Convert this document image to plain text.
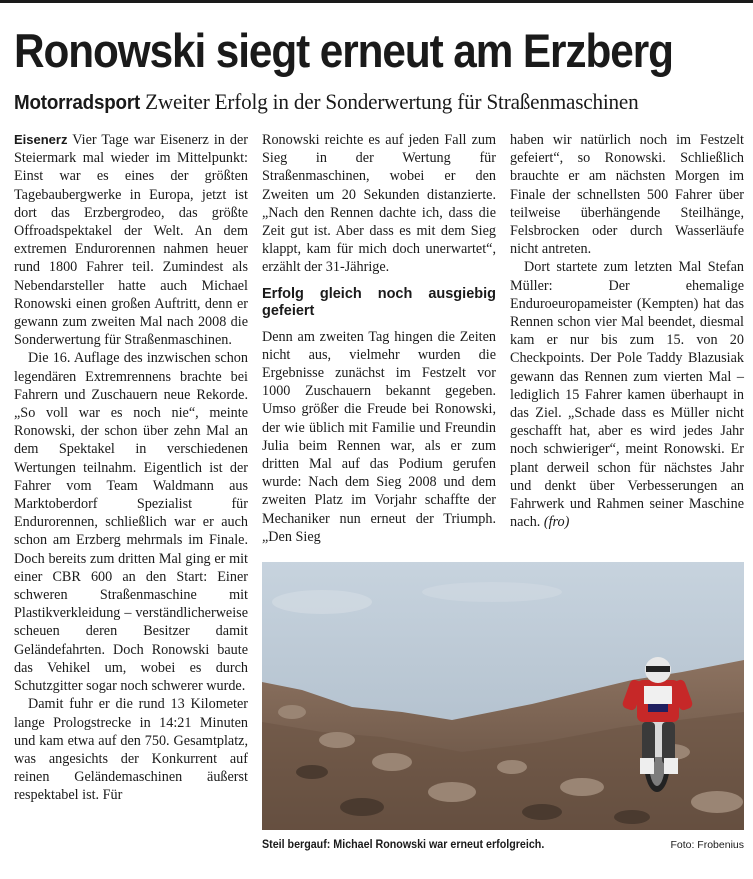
Ronowski siegt erneut am Erzberg
Motorradsport Zweiter Erfolg in der Sonderwertung für Straßenmaschinen

Eisenerz Vier Tage war Eisenerz in der Steiermark mal wieder im Mittelpunkt: Einst war es eines der größten Tagebaubergwerke in Europa, jetzt ist dort das Erzbergrodeo, das größte Offroadspektakel der Welt. An dem extremen Endurorennen nahmen heuer rund 1800 Fahrer teil. Zumindest als Nebendarsteller hatte auch Michael Ronowski einen großen Auftritt, denn er gewann zum zweiten Mal nach 2008 die Sonderwertung für Straßenmaschinen.

Die 16. Auflage des inzwischen schon legendären Extremrennens brachte bei Fahrern und Zuschauern neue Rekorde. „So voll war es noch nie“, meinte Ronowski, der schon über zehn Mal an dem Spektakel in verschiedenen Wertungen teilnahm. Eigentlich ist der Fahrer vom Team Waldmann aus Marktoberdorf Spezialist für Endurorennen, schließlich war er auch schon am Erzberg mehrmals im Finale. Doch bereits zum dritten Mal ging er mit einer CBR 600 an den Start: Einer schweren Straßenmaschine mit Plastikverkleidung – verständlicherweise scheuen deren Besitzer damit Geländefahrten. Doch Ronowski baute das Vehikel um, wobei es durch Schutzgitter sogar noch schwerer wurde.

Damit fuhr er die rund 13 Kilometer lange Prologstrecke in 14:21 Minuten und kam etwa auf den 750. Gesamtplatz, was angesichts der Konkurrent auf reinen Geländemaschinen äußerst respektabel ist. Für

Ronowski reichte es auf jeden Fall zum Sieg in der Wertung für Straßenmaschinen, wobei er den Zweiten um 20 Sekunden distanzierte. „Nach den Rennen dachte ich, dass die Zeit gut ist. Aber dass es mit dem Sieg klappt, kam für mich doch unerwartet“, erzählt der 31-Jährige.

Erfolg gleich noch ausgiebig gefeiert

Denn am zweiten Tag hingen die Zeiten nicht aus, vielmehr wurden die Ergebnisse zunächst im Festzelt vor 1000 Zuschauern bekannt gegeben. Umso größer die Freude bei Ronowski, der wie üblich mit Familie und Freundin Julia beim Rennen war, als er zum dritten Mal auf das Podium gerufen wurde: Nach dem Sieg 2008 und dem zweiten Platz im Vorjahr schaffte der Mechaniker nun erneut der Triumph. „Den Sieg

haben wir natürlich noch im Festzelt gefeiert“, so Ronowski. Schließlich brauchte er am nächsten Morgen im Finale der schnellsten 500 Fahrer über teilweise überhängende Steilhänge, Felsbrocken oder durch Wasserläufe nicht antreten.

Dort startete zum letzten Mal Stefan Müller: Der ehemalige Enduroeuropameister (Kempten) hat das Rennen schon vier Mal beendet, diesmal kam er nur bis zum 15. von 20 Checkpoints. Der Pole Taddy Blazusiak gewann das Rennen zum vierten Mal – lediglich 15 Fahrer kamen überhaupt in das Ziel. „Schade dass es Müller nicht geschafft hat, aber es wird jedes Jahr noch schwieriger“, meint Ronowski. Er plant derweil schon für nächstes Jahr und denkt über Verbesserungen an Fahrwerk und Rahmen seiner Maschine nach. (fro)

Steil bergauf: Michael Ronowski war erneut erfolgreich.	Foto: Frobenius
